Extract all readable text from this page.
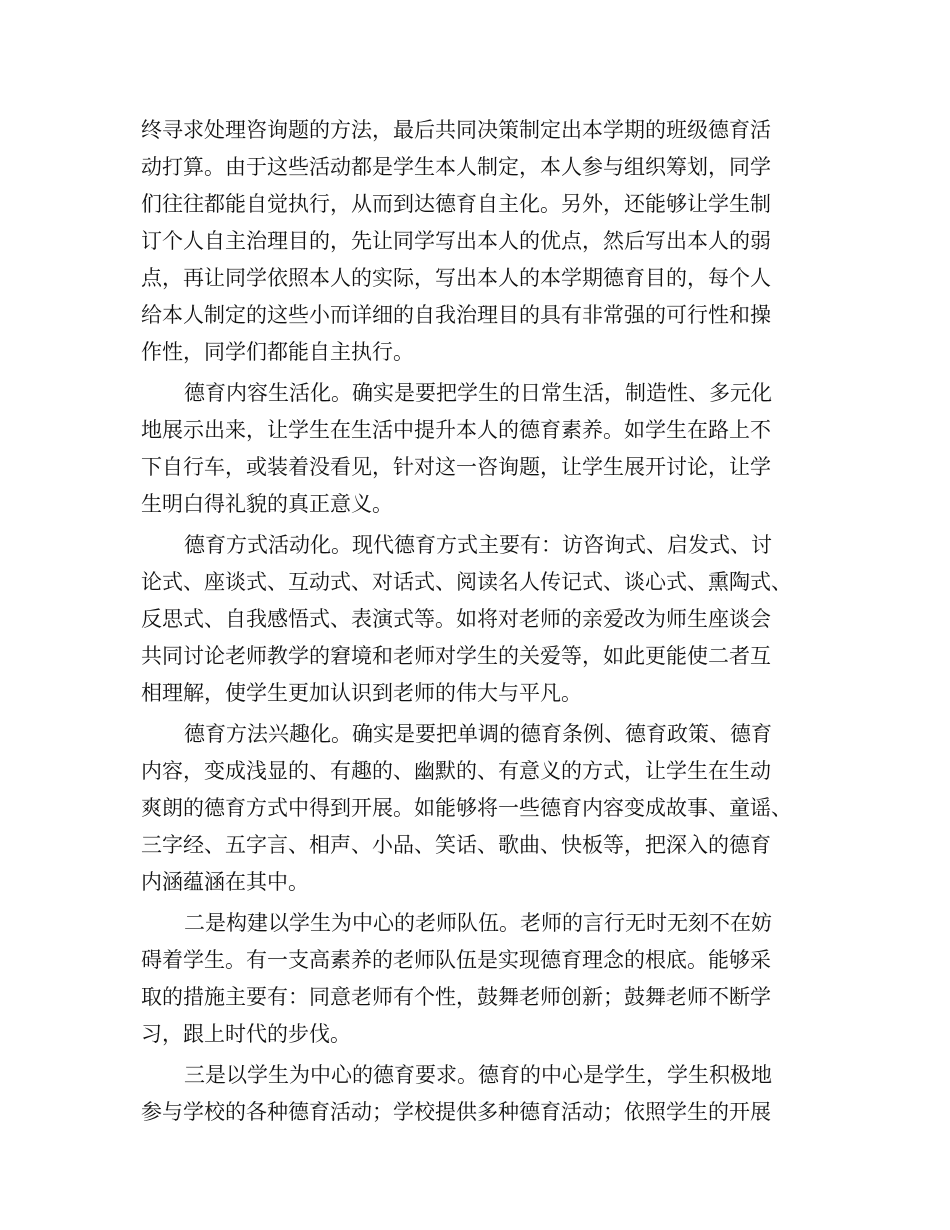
终寻求处理咨询题的方法，最后共同决策制定出本学期的班级德育活
动打算。由于这些活动都是学生本人制定，本人参与组织筹划，同学
们往往都能自觉执行，从而到达德育自主化。另外，还能够让学生制
订个人自主治理目的，先让同学写出本人的优点，然后写出本人的弱
点，再让同学依照本人的实际，写出本人的本学期德育目的，每个人
给本人制定的这些小而详细的自我治理目的具有非常强的可行性和操
作性，同学们都能自主执行。
德育内容生活化。确实是要把学生的日常生活，制造性、多元化
地展示出来，让学生在生活中提升本人的德育素养。如学生在路上不
下自行车，或装着没看见，针对这一咨询题，让学生展开讨论，让学
生明白得礼貌的真正意义。
德育方式活动化。现代德育方式主要有：访咨询式、启发式、讨
论式、座谈式、互动式、对话式、阅读名人传记式、谈心式、熏陶式、
反思式、自我感悟式、表演式等。如将对老师的亲爱改为师生座谈会
共同讨论老师教学的窘境和老师对学生的关爱等，如此更能使二者互
相理解，使学生更加认识到老师的伟大与平凡。
德育方法兴趣化。确实是要把单调的德育条例、德育政策、德育
内容，变成浅显的、有趣的、幽默的、有意义的方式，让学生在生动
爽朗的德育方式中得到开展。如能够将一些德育内容变成故事、童谣、
三字经、五字言、相声、小品、笑话、歌曲、快板等，把深入的德育
内涵蕴涵在其中。
二是构建以学生为中心的老师队伍。老师的言行无时无刻不在妨
碍着学生。有一支高素养的老师队伍是实现德育理念的根底。能够采
取的措施主要有：同意老师有个性，鼓舞老师创新；鼓舞老师不断学
习，跟上时代的步伐。
三是以学生为中心的德育要求。德育的中心是学生，学生积极地
参与学校的各种德育活动；学校提供多种德育活动；依照学生的开展
